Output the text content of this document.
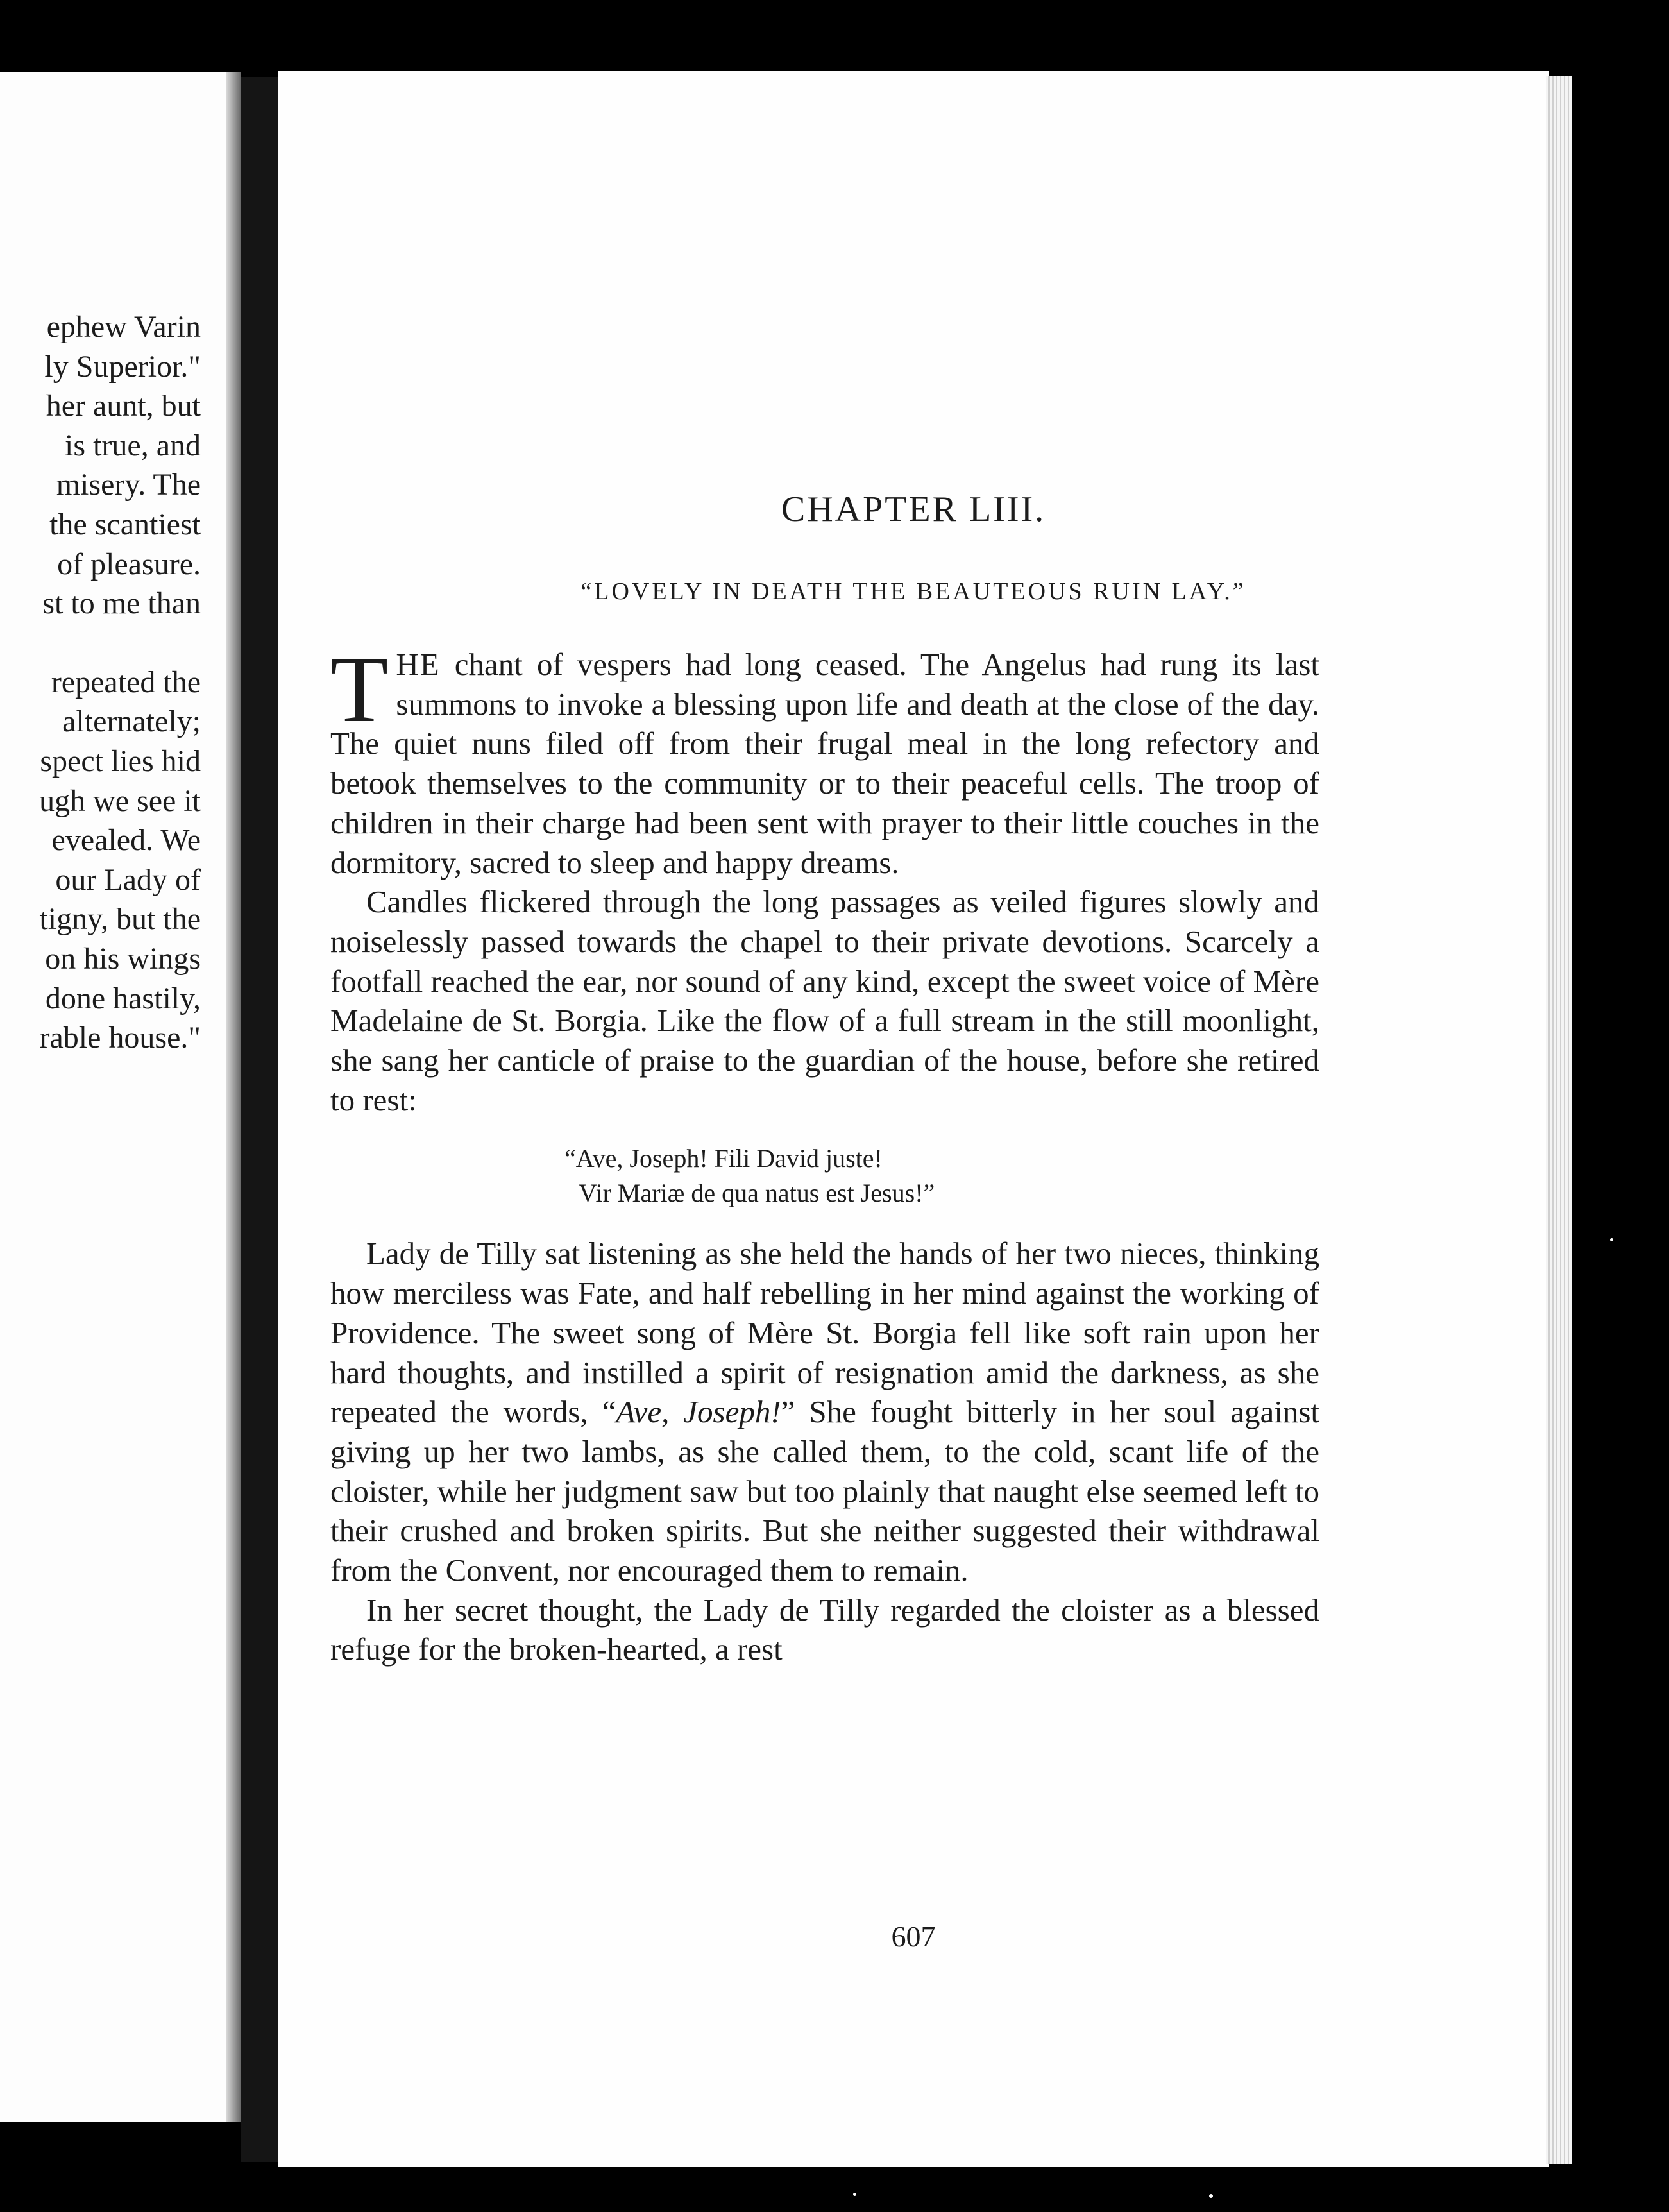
ephew Varin
ly Superior."
her aunt, but
is true, and
misery. The
the scantiest
of pleasure.
st to me than
repeated the
alternately;
spect lies hid
ugh we see it
evealed. We
our Lady of
tigny, but the
on his wings
done hastily,
rable house."
CHAPTER LIII.
“LOVELY IN DEATH THE BEAUTEOUS RUIN LAY.”

THE chant of vespers had long ceased. The Angelus had rung its last summons to invoke a blessing upon life and death at the close of the day. The quiet nuns filed off from their frugal meal in the long refectory and betook themselves to the community or to their peaceful cells. The troop of children in their charge had been sent with prayer to their little couches in the dormitory, sacred to sleep and happy dreams.

Candles flickered through the long passages as veiled figures slowly and noiselessly passed towards the chapel to their private devotions. Scarcely a footfall reached the ear, nor sound of any kind, except the sweet voice of Mère Madelaine de St. Borgia. Like the flow of a full stream in the still moonlight, she sang her canticle of praise to the guardian of the house, before she retired to rest:

“Ave, Joseph! Fili David juste!
Vir Mariæ de qua natus est Jesus!”

Lady de Tilly sat listening as she held the hands of her two nieces, thinking how merciless was Fate, and half rebelling in her mind against the working of Providence. The sweet song of Mère St. Borgia fell like soft rain upon her hard thoughts, and instilled a spirit of resignation amid the darkness, as she repeated the words, “Ave, Joseph!” She fought bitterly in her soul against giving up her two lambs, as she called them, to the cold, scant life of the cloister, while her judgment saw but too plainly that naught else seemed left to their crushed and broken spirits. But she neither suggested their withdrawal from the Convent, nor encouraged them to remain.

In her secret thought, the Lady de Tilly regarded the cloister as a blessed refuge for the broken-hearted, a rest

607
